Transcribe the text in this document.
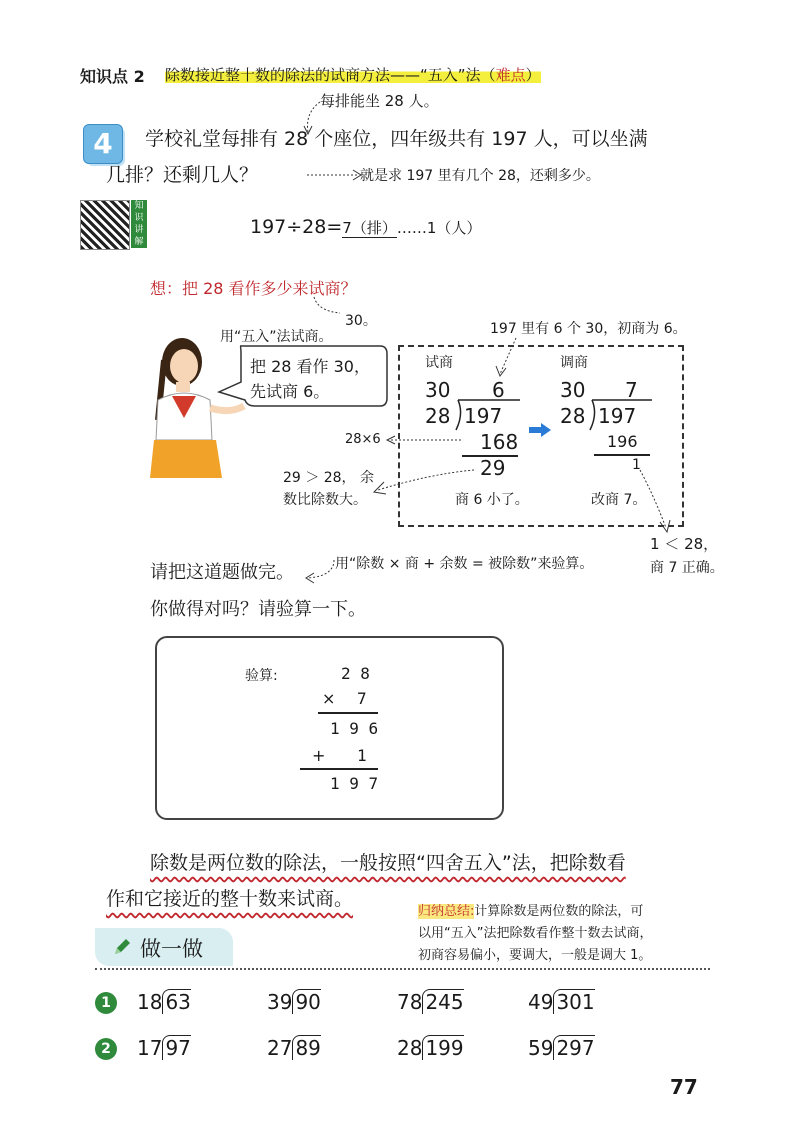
知识点 2 除数接近整十数的除法的试商方法——“五入”法（难点）
每排能坐 28 人。
4	学校礼堂每排有 28 个座位，四年级共有 197 人，可以坐满
几排？还剩几人？	就是求 197 里有几个 28，还剩多少。
知识讲解
197÷28=7（排）……1（人）
想：把 28 看作多少来试商？
30。
用“五入”法试商。
把 28 看作 30，
先试商 6。
197 里有 6 个 30，初商为 6。
试商
30 6
28 197
168
29
商 6 小了。
调商
30 7
28 197
196
1
改商 7。
28×6
29 ＞ 28， 余
数比除数大。
1 ＜ 28，
商 7 正确。
请把这道题做完。	用“除数 × 商 + 余数 = 被除数”来验算。
你做得对吗？请验算一下。
验算:	2 8
× 7
1 9 6
+ 1
1 9 7
除数是两位数的除法，一般按照“四舍五入”法，把除数看
作和它接近的整十数来试商。
归纳总结:计算除数是两位数的除法，可
以用“五入”法把除数看作整十数去试商，
初商容易偏小，要调大，一般是调大 1。
做一做
1	18 63	39 90	78 245	49 301
2	17 97	27 89	28 199	59 297
77
